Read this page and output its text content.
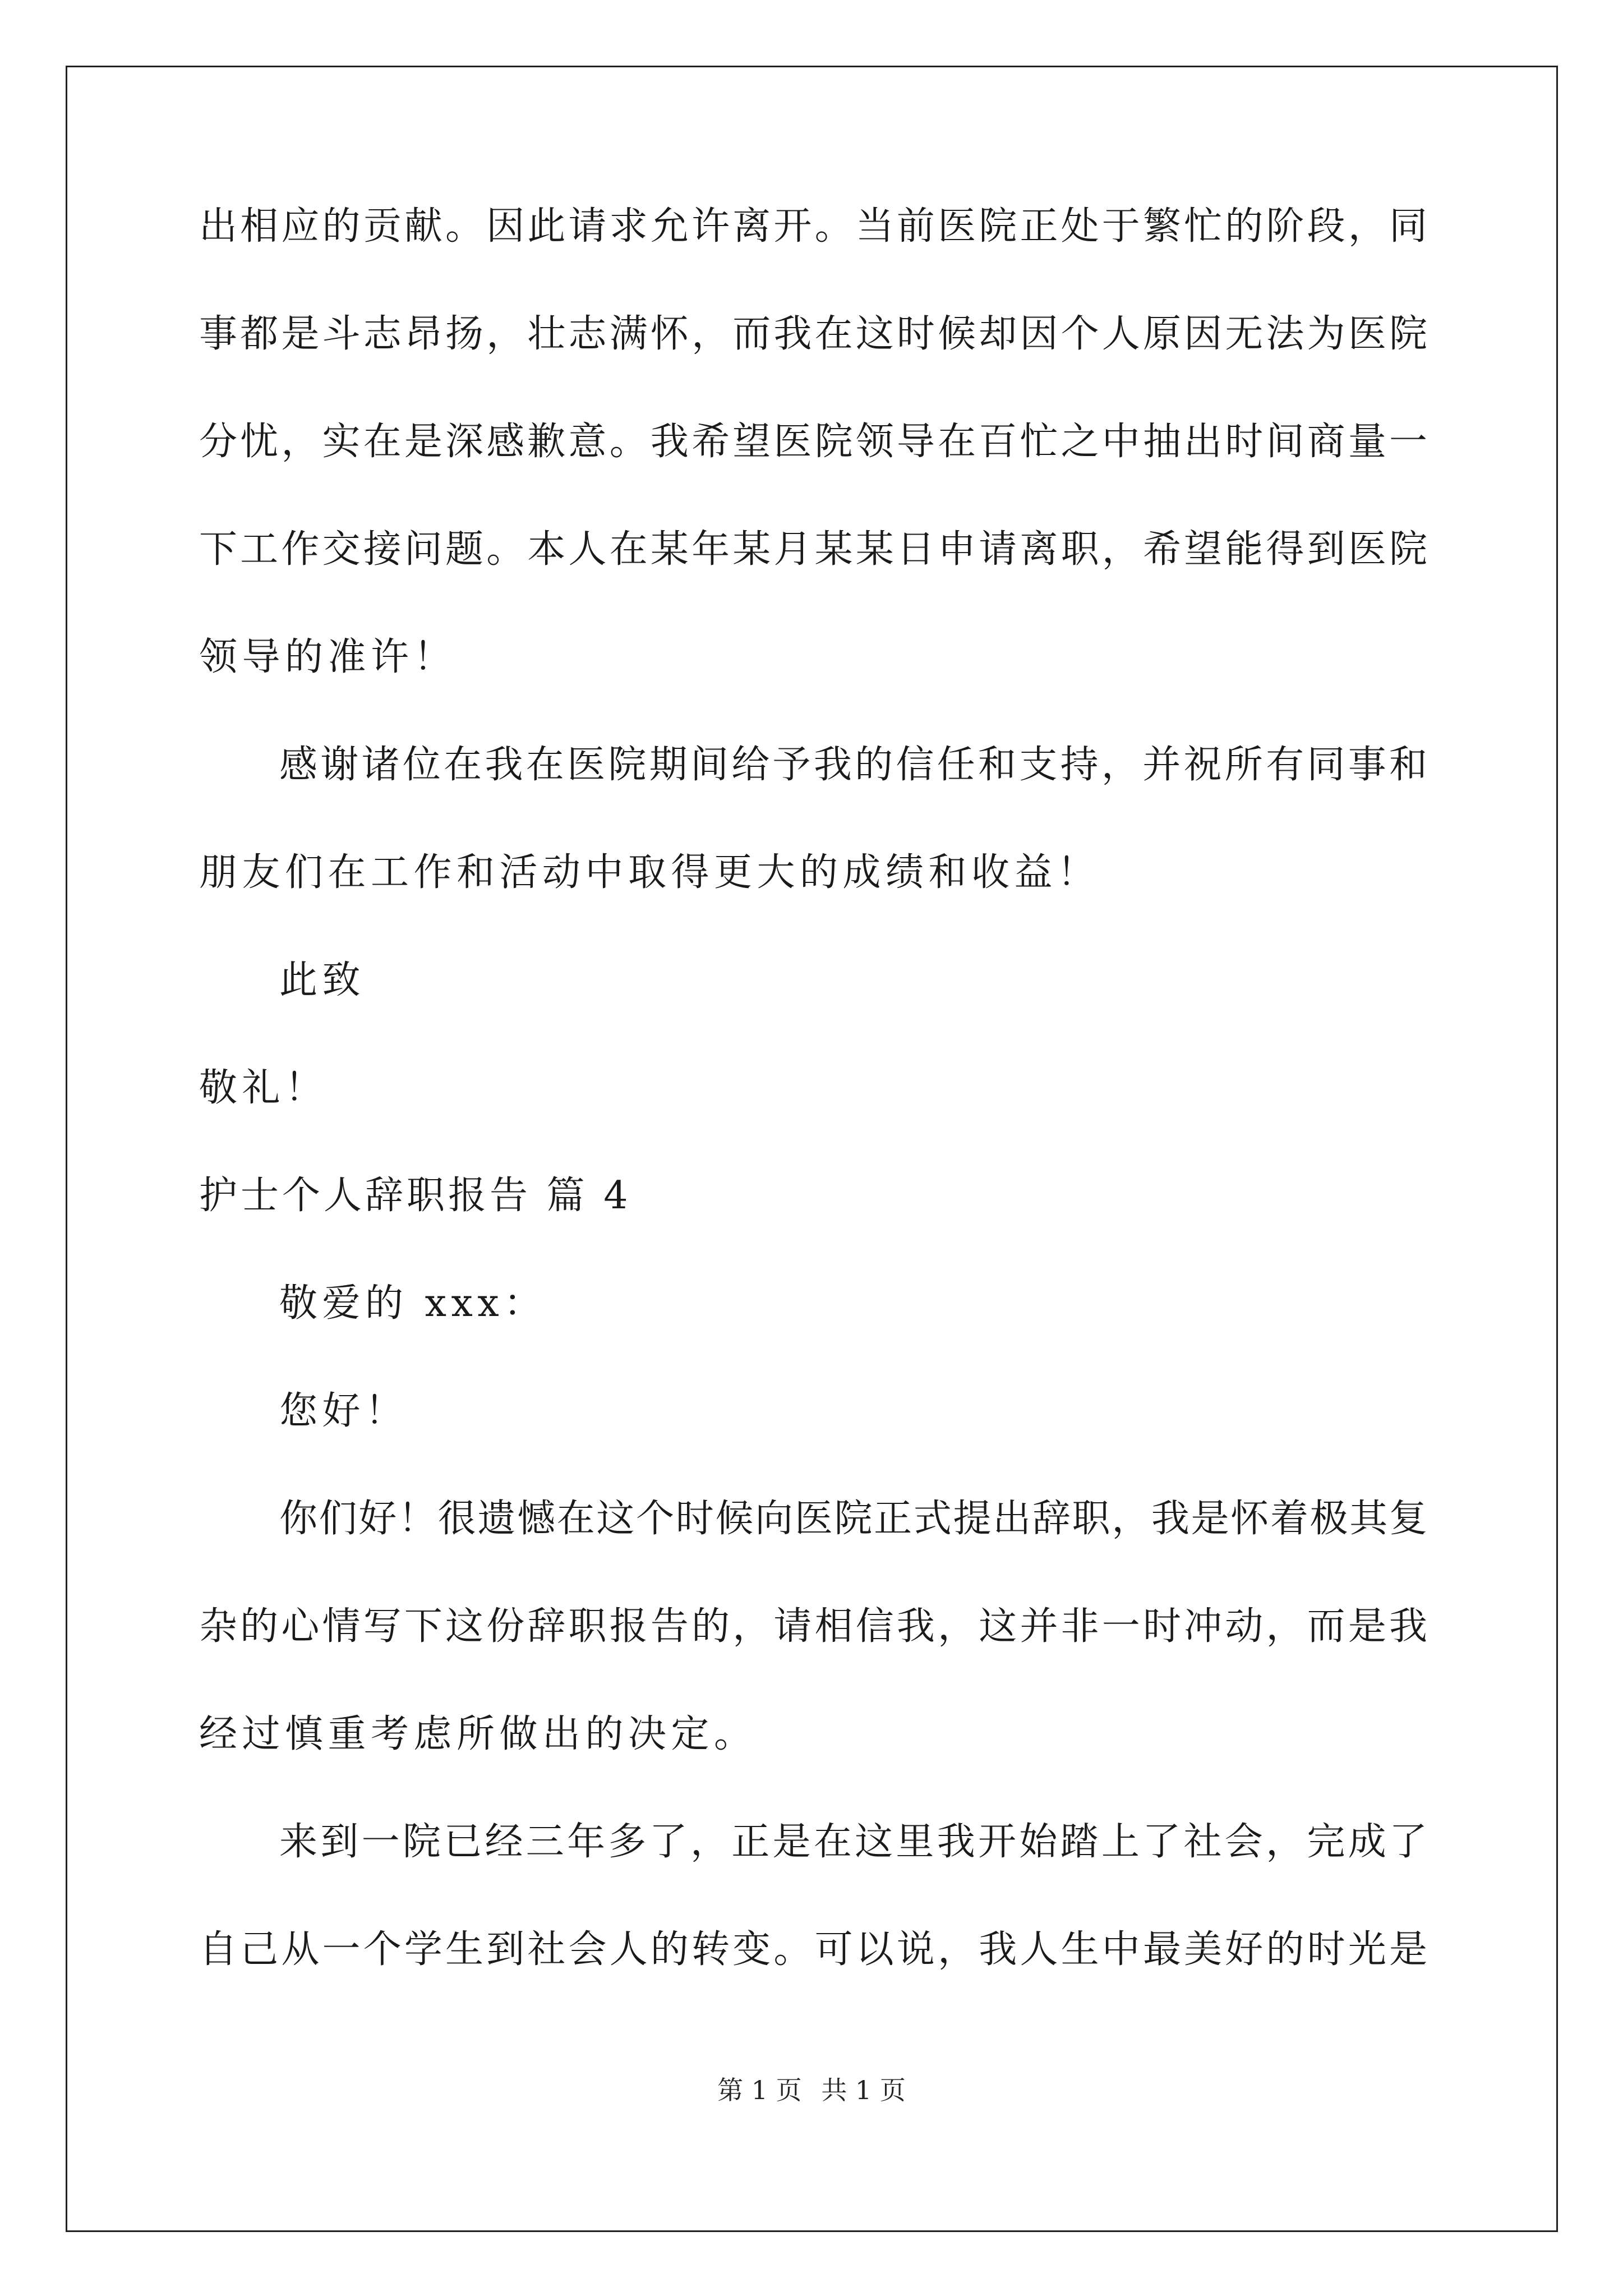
出相应的贡献。因此请求允许离开。当前医院正处于繁忙的阶段，同
事都是斗志昂扬，壮志满怀，而我在这时候却因个人原因无法为医院
分忧，实在是深感歉意。我希望医院领导在百忙之中抽出时间商量一
下工作交接问题。本人在某年某月某某日申请离职，希望能得到医院
领导的准许！
感谢诸位在我在医院期间给予我的信任和支持，并祝所有同事和
朋友们在工作和活动中取得更大的成绩和收益！
此致
敬礼！
护士个人辞职报告 篇 4
敬爱的 xxx：
您好！
你们好！很遗憾在这个时候向医院正式提出辞职，我是怀着极其复
杂的心情写下这份辞职报告的，请相信我，这并非一时冲动，而是我
经过慎重考虑所做出的决定。
来到一院已经三年多了，正是在这里我开始踏上了社会，完成了
自己从一个学生到社会人的转变。可以说，我人生中最美好的时光是
第 1 页 共 1 页
